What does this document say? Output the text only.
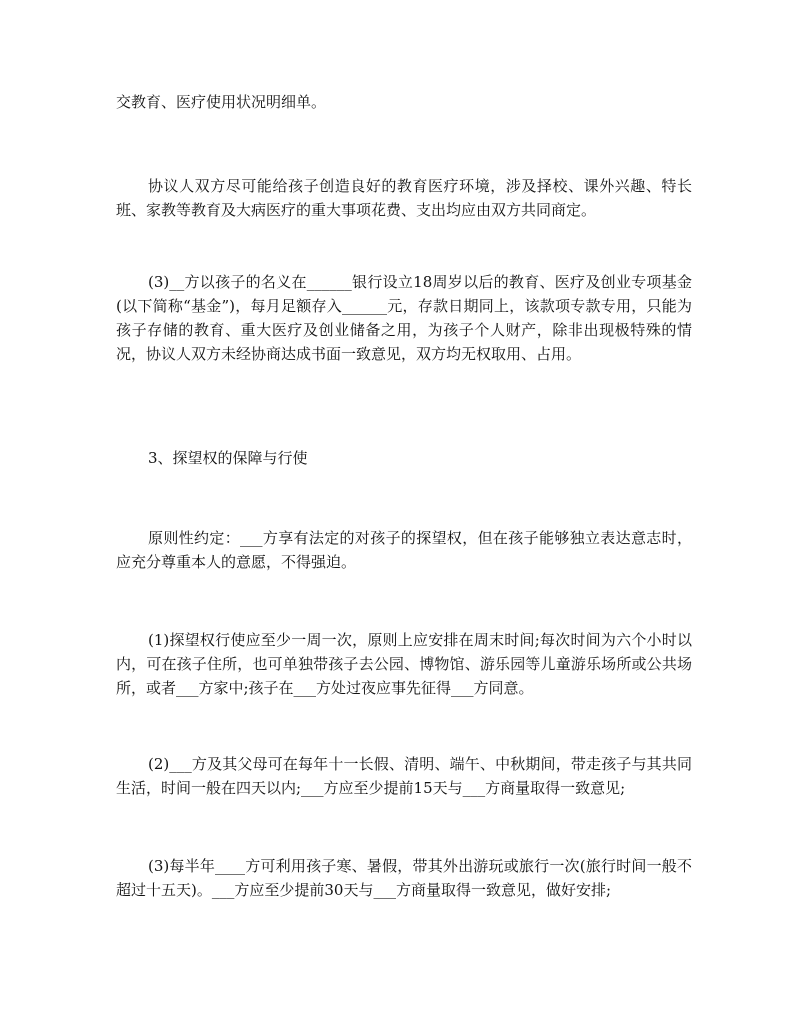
交教育、医疗使用状况明细单。

协议人双方尽可能给孩子创造良好的教育医疗环境，涉及择校、课外兴趣、特长班、家教等教育及大病医疗的重大事项花费、支出均应由双方共同商定。

(3)__方以孩子的名义在______银行设立18周岁以后的教育、医疗及创业专项基金(以下简称“基金”)，每月足额存入______元，存款日期同上，该款项专款专用，只能为孩子存储的教育、重大医疗及创业储备之用，为孩子个人财产，除非出现极特殊的情况，协议人双方未经协商达成书面一致意见，双方均无权取用、占用。

3、探望权的保障与行使

原则性约定：___方享有法定的对孩子的探望权，但在孩子能够独立表达意志时，应充分尊重本人的意愿，不得强迫。

(1)探望权行使应至少一周一次，原则上应安排在周末时间;每次时间为六个小时以内，可在孩子住所，也可单独带孩子去公园、博物馆、游乐园等儿童游乐场所或公共场所，或者___方家中;孩子在___方处过夜应事先征得___方同意。

(2)___方及其父母可在每年十一长假、清明、端午、中秋期间，带走孩子与其共同生活，时间一般在四天以内;___方应至少提前15天与___方商量取得一致意见;

(3)每半年____方可利用孩子寒、暑假，带其外出游玩或旅行一次(旅行时间一般不超过十五天)。___方应至少提前30天与___方商量取得一致意见，做好安排;
